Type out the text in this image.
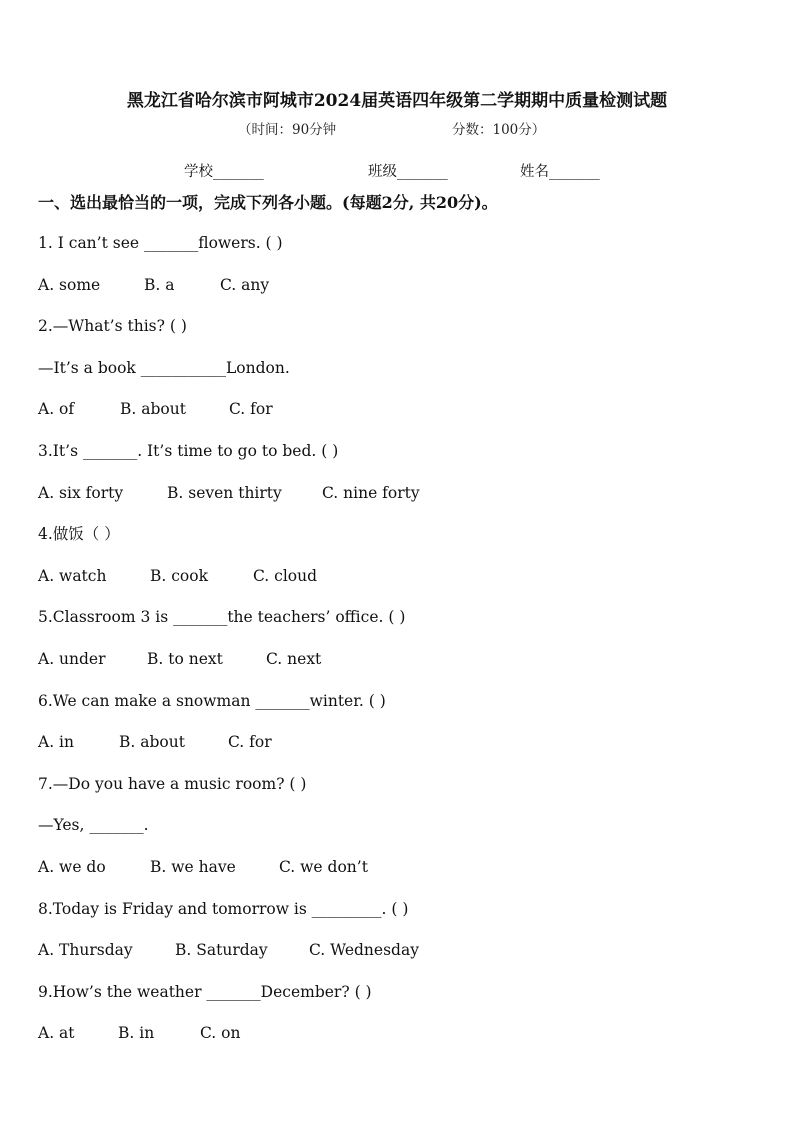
黑龙江省哈尔滨市阿城市2024届英语四年级第二学期期中质量检测试题
（时间：90分钟	分数：100分）
学校_______	班级_______	姓名_______
一、选出最恰当的一项，完成下列各小题。(每题2分, 共20分)。
1. I can’t see _______flowers. ( )
A. some	B. a	C. any
2.—What’s this? ( )
—It’s a book ___________London.
A. of	B. about	C. for
3.It’s _______. It’s time to go to bed. ( )
A. six forty	B. seven thirty	C. nine forty
4.做饭（ ）
A. watch	B. cook	C. cloud
5.Classroom 3 is _______the teachers’ office. ( )
A. under	B. to next	C. next
6.We can make a snowman _______winter. ( )
A. in	B. about	C. for
7.—Do you have a music room? ( )
—Yes, _______.
A. we do	B. we have	C. we don’t
8.Today is Friday and tomorrow is _________. ( )
A. Thursday	B. Saturday	C. Wednesday
9.How’s the weather _______December? ( )
A. at	B. in	C. on
